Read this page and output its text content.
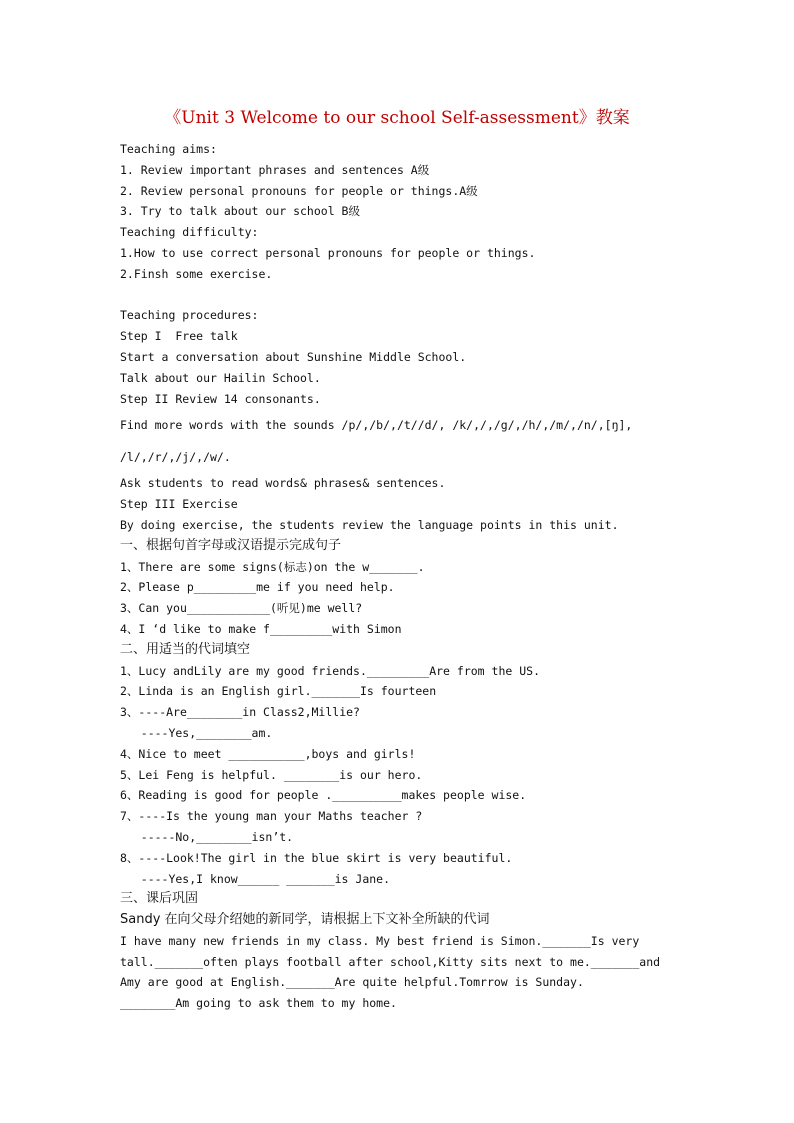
《Unit 3 Welcome to our school Self-assessment》教案
Teaching aims:
1. Review important phrases and sentences A级
2. Review personal pronouns for people or things.A级
3. Try to talk about our school B级
Teaching difficulty:
1.How to use correct personal pronouns for people or things.
2.Finsh some exercise.
Teaching procedures:
Step I  Free talk
Start a conversation about Sunshine Middle School.
Talk about our Hailin School.
Step II Review 14 consonants.
Find more words with the sounds /p/,/b/,/t//d/, /k/,/,/g/,/h/,/m/,/n/,[ŋ],
/l/,/r/,/j/,/w/.
Ask students to read words& phrases& sentences.
Step III Exercise
By doing exercise, the students review the language points in this unit.
一、根据句首字母或汉语提示完成句子
1、There are some signs(标志)on the w_______.
2、Please p_________me if you need help.
3、Can you____________(听见)me well?
4、I ‘d like to make f_________with Simon
二、用适当的代词填空
1、Lucy andLily are my good friends._________Are from the US.
2、Linda is an English girl._______Is fourteen
3、----Are________in Class2,Millie?
----Yes,________am.
4、Nice to meet ___________,boys and girls!
5、Lei Feng is helpful. ________is our hero.
6、Reading is good for people .__________makes people wise.
7、----Is the young man your Maths teacher ?
-----No,________isn’t.
8、----Look!The girl in the blue skirt is very beautiful.
----Yes,I know______ _______is Jane.
三、课后巩固
Sandy 在向父母介绍她的新同学，请根据上下文补全所缺的代词
I have many new friends in my class. My best friend is Simon._______Is very
tall._______often plays football after school,Kitty sits next to me._______and
Amy are good at English._______Are quite helpful.Tomrrow is Sunday.
________Am going to ask them to my home.
